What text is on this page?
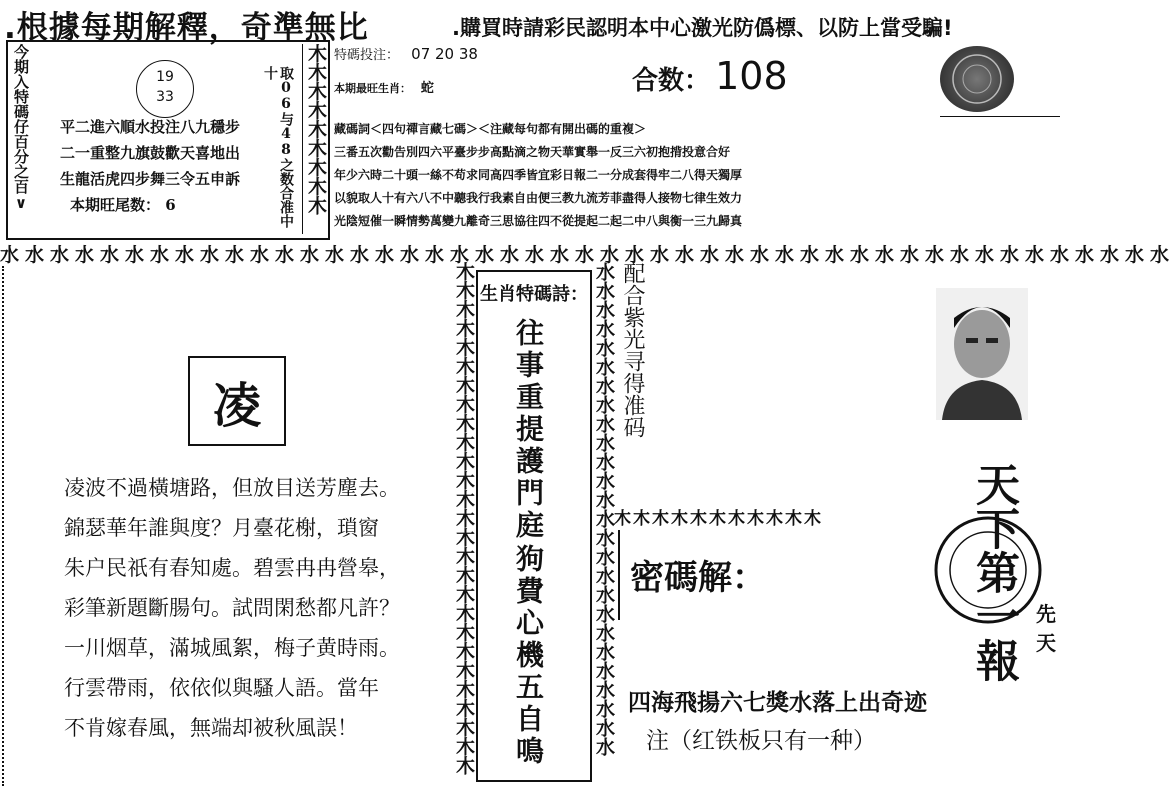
.根據每期解釋，奇準無比	.購買時請彩民認明本中心激光防僞標、以防上當受騙!
今期入特碼仔百分之百∨	19
33	取06与48之数合准中十
平二進六順水投注八九穩步
二一重整九旗鼓歡天喜地出
生龍活虎四步舞三令五申訴
本期旺尾数： 6	木木木木木木木木木 特碼投注： 07 20 38
本期最旺生肖： 蛇	合数： 108
藏碼詞＜四句禪言藏七碼＞＜注藏每句都有開出碼的重複＞
三番五次勸告別四六平臺步步高點滴之物天華實舉一反三六初抱揹投意合好
年少六時二十頭一絲不苟求同高四季皆宜彩日報二一分成套得牢二八得天獨厚
以貌取人十有六八不中聽我行我素自由便三教九流芳菲盡得人接物七律生效力
光陰短催一瞬情勢萬變九離奇三思協往四不從提起二起二中八與衡一三九歸真
水水水水水水水水水水水水水水水水水水水水水水水水水水水水水水水水水水水水水水水水水水水水水水水
凌

凌波不過橫塘路，但放目送芳塵去。

錦瑟華年誰與度？月臺花榭，瑣窗

朱户民祇有春知處。碧雲冉冉營皋，

彩筆新題斷腸句。試問閑愁都凡許？

一川烟草，滿城風絮，梅子黄時雨。

行雲帶雨，依依似與騷人語。當年

不肯嫁春風，無端却被秋風誤！	木木木木木木木木木木木木木木木木木木木木木木木木木木木 生肖特碼詩：
往事重提護門庭
狗費心機五自鳴	水水水水水水水水水水水水水水水水水水水水水水水水水水 配合紫光寻得准码
木木木木木木木木木木木	天下第一報 先天
密碼解：
四海飛揚六七獎水落上出奇迹
注（红铁板只有一种）
